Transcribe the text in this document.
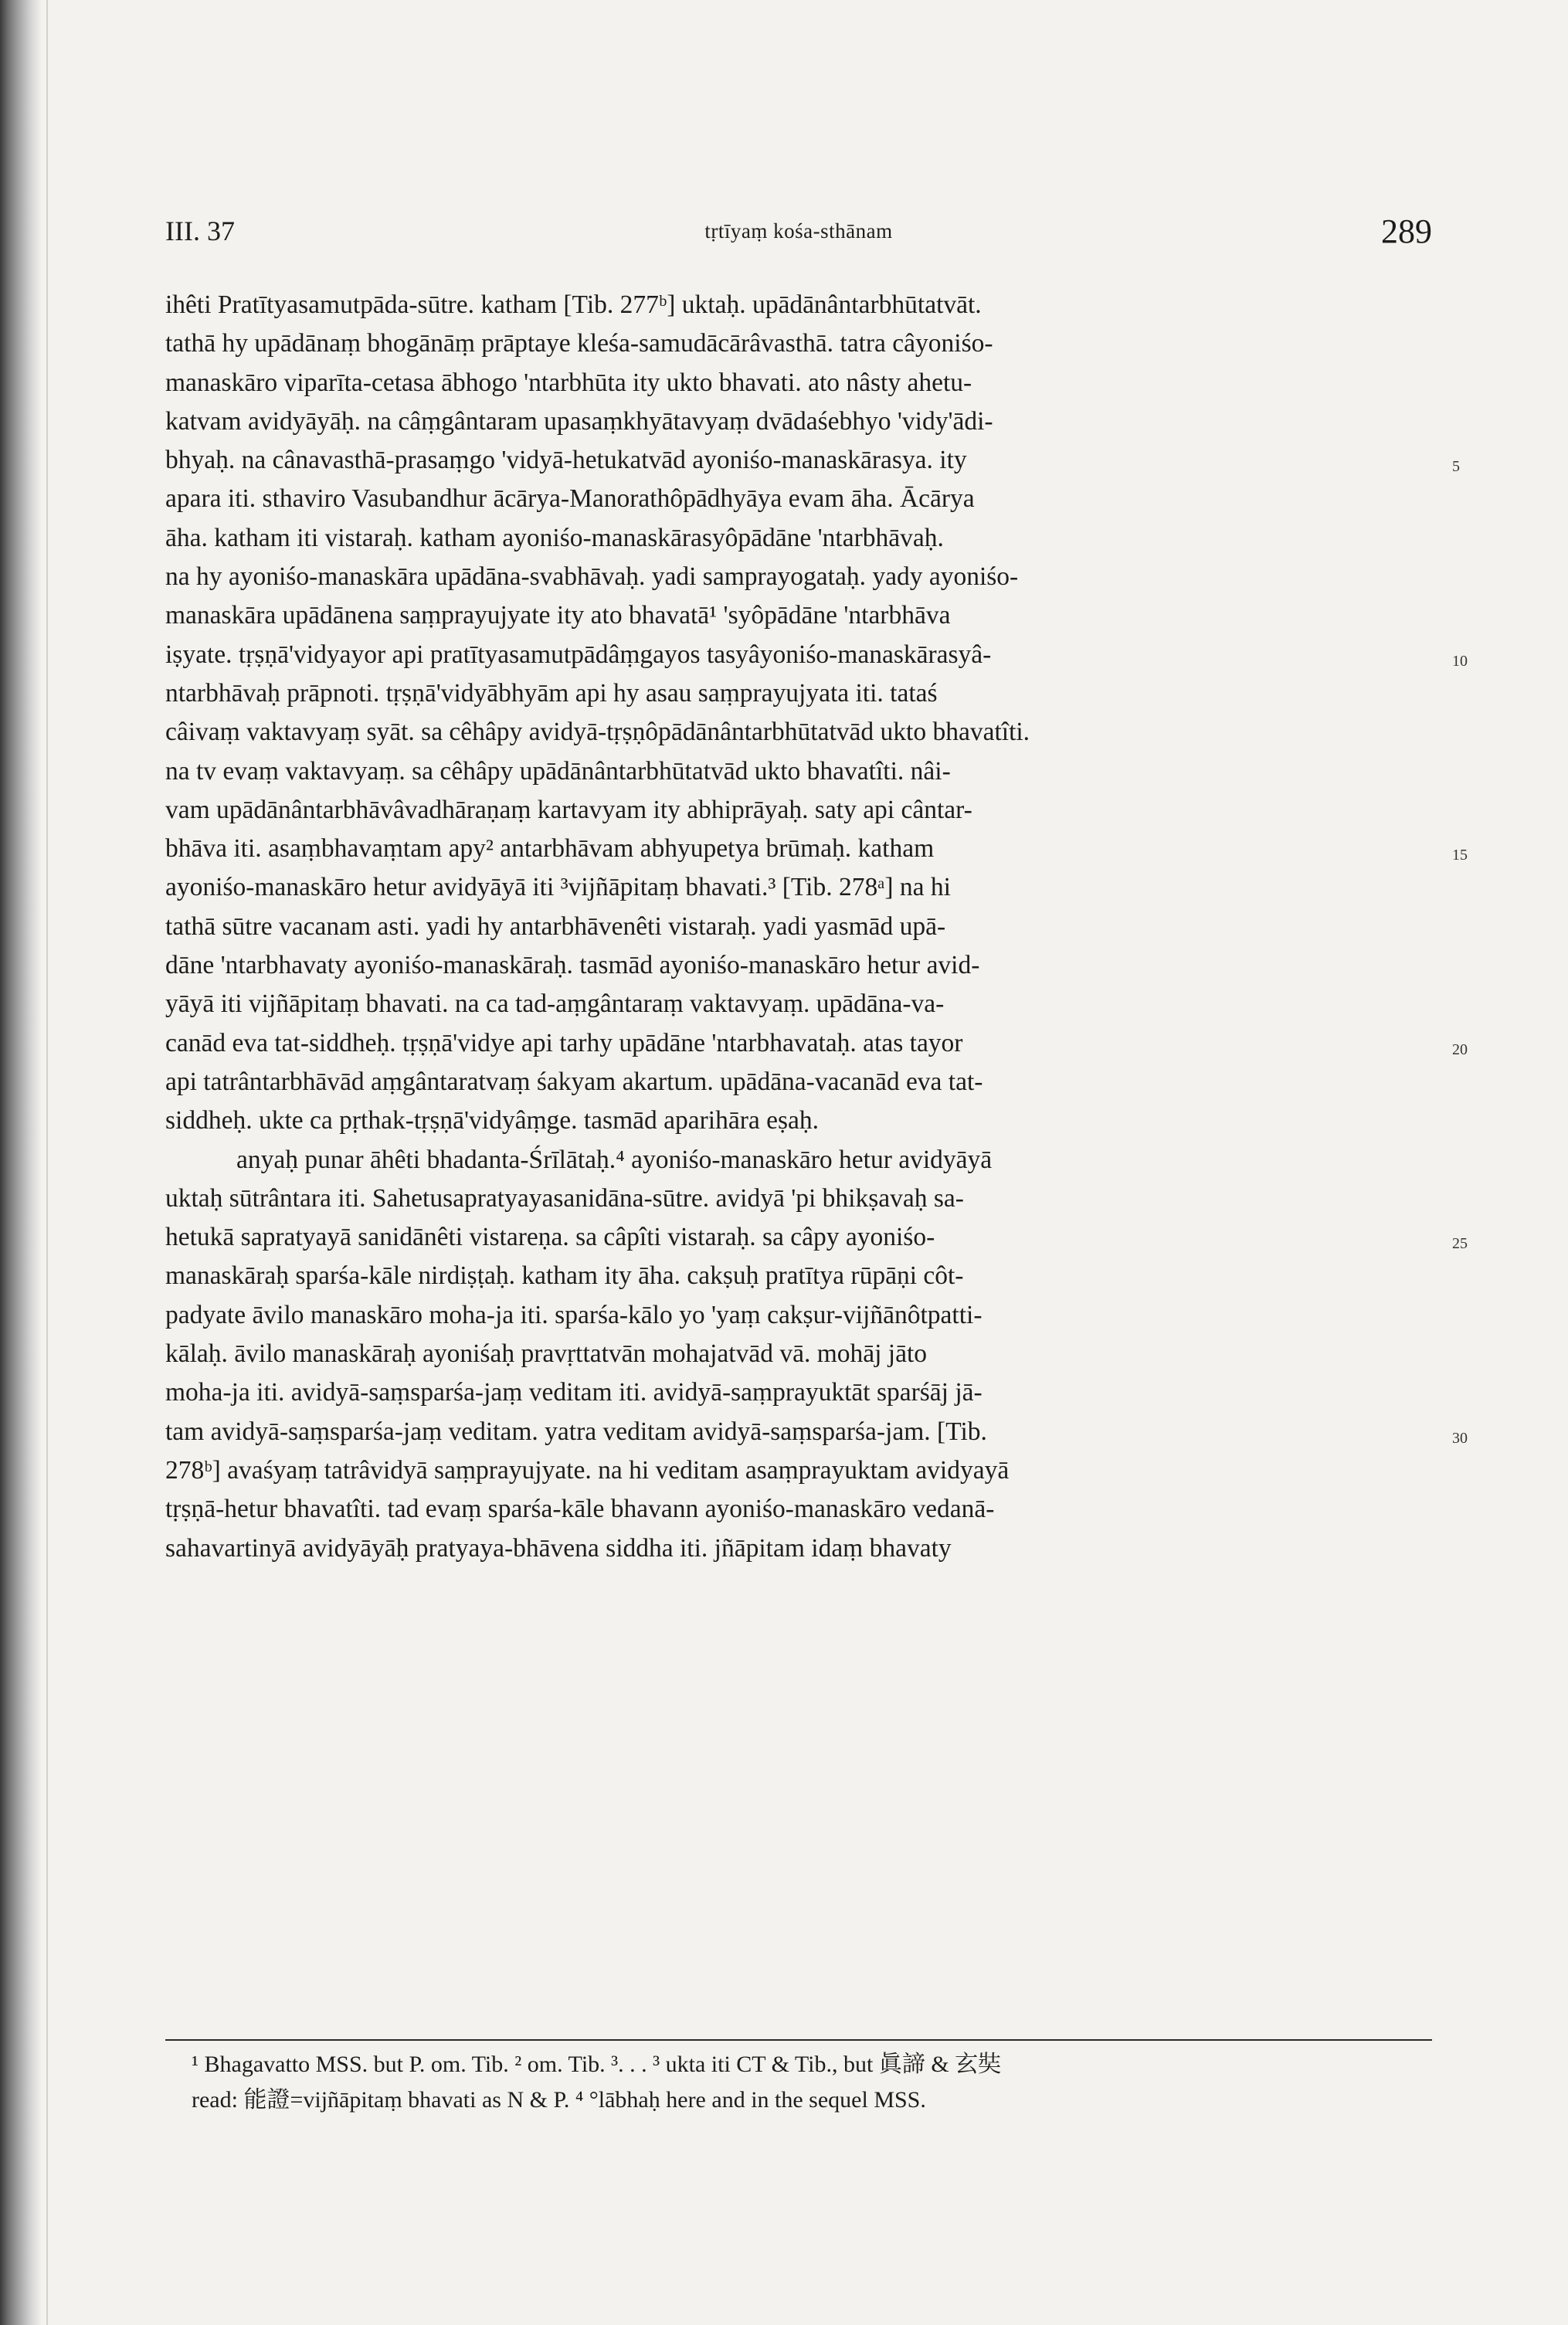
III. 37	tṛtīyaṃ kośa-sthānam	289
ihêti Pratītyasamutpāda-sūtre. katham [Tib. 277ᵇ] uktaḥ. upādānântarbhūtatvāt.
tathā hy upādānaṃ bhogānāṃ prāptaye kleśa-samudācārâvasthā. tatra câyoniśo-
manaskāro viparīta-cetasa ābhogo 'ntarbhūta ity ukto bhavati. ato nâsty ahetu-
katvam avidyāyāḥ. na câṃgântaram upasaṃkhyātavyaṃ dvādaśebhyo 'vidy'ādi-
bhyaḥ. na cânavasthā-prasaṃgo 'vidyā-hetukatvād ayoniśo-manaskārasya. ity	5
apara iti. sthaviro Vasubandhur ācārya-Manorathôpādhyāya evam āha. Ācārya
āha. katham iti vistaraḥ. katham ayoniśo-manaskārasyôpādāne 'ntarbhāvaḥ.
na hy ayoniśo-manaskāra upādāna-svabhāvaḥ. yadi samprayogataḥ. yady ayoniśo-
manaskāra upādānena saṃprayujyate ity ato bhavatā¹ 'syôpādāne 'ntarbhāva
iṣyate. tṛṣṇā'vidyayor api pratītyasamutpādâṃgayos tasyâyoniśo-manaskārasyâ-	10
ntarbhāvaḥ prāpnoti. tṛṣṇā'vidyābhyām api hy asau saṃprayujyata iti. tataś
câivaṃ vaktavyaṃ syāt. sa cêhâpy avidyā-tṛṣṇôpādānântarbhūtatvād ukto bhavatîti.
na tv evaṃ vaktavyaṃ. sa cêhâpy upādānântarbhūtatvād ukto bhavatîti. nâi-
vam upādānântarbhāvâvadhāraṇaṃ kartavyam ity abhiprāyaḥ. saty api cântar-
bhāva iti. asaṃbhavaṃtam apy² antarbhāvam abhyupetya brūmaḥ. katham	15
ayoniśo-manaskāro hetur avidyāyā iti ³vijñāpitaṃ bhavati.³ [Tib. 278ᵃ] na hi
tathā sūtre vacanam asti. yadi hy antarbhāvenêti vistaraḥ. yadi yasmād upā-
dāne 'ntarbhavaty ayoniśo-manaskāraḥ. tasmād ayoniśo-manaskāro hetur avid-
yāyā iti vijñāpitaṃ bhavati. na ca tad-aṃgântaraṃ vaktavyaṃ. upādāna-va-
canād eva tat-siddheḥ. tṛṣṇā'vidye api tarhy upādāne 'ntarbhavataḥ. atas tayor	20
api tatrântarbhāvād aṃgântaratvaṃ śakyam akartum. upādāna-vacanād eva tat-
siddheḥ. ukte ca pṛthak-tṛṣṇā'vidyâṃge. tasmād aparihāra eṣaḥ.
anyaḥ punar āhêti bhadanta-Śrīlātaḥ.⁴ ayoniśo-manaskāro hetur avidyāyā
uktaḥ sūtrântara iti. Sahetusapratyayasanidāna-sūtre. avidyā 'pi bhikṣavaḥ sa-
hetukā sapratyayā sanidānêti vistareṇa. sa câpîti vistaraḥ. sa câpy ayoniśo-	25
manaskāraḥ sparśa-kāle nirdiṣṭaḥ. katham ity āha. cakṣuḥ pratītya rūpāṇi côt-
padyate āvilo manaskāro moha-ja iti. sparśa-kālo yo 'yaṃ cakṣur-vijñānôtpatti-
kālaḥ. āvilo manaskāraḥ ayoniśaḥ pravṛttatvān mohajatvād vā. mohāj jāto
moha-ja iti. avidyā-saṃsparśa-jaṃ veditam iti. avidyā-saṃprayuktāt sparśāj jā-
tam avidyā-saṃsparśa-jaṃ veditam. yatra veditam avidyā-saṃsparśa-jam. [Tib.	30
278ᵇ] avaśyaṃ tatrâvidyā saṃprayujyate. na hi veditam asaṃprayuktam avidyayā
tṛṣṇā-hetur bhavatîti. tad evaṃ sparśa-kāle bhavann ayoniśo-manaskāro vedanā-
sahavartinyā avidyāyāḥ pratyaya-bhāvena siddha iti. jñāpitam idaṃ bhavaty
¹ Bhagavatto MSS. but P. om. Tib. ² om. Tib. ³. . . ³ ukta iti CT & Tib., but 眞諦 & 玄奘
read: 能證=vijñāpitaṃ bhavati as N & P. ⁴ °lābhaḥ here and in the sequel MSS.
